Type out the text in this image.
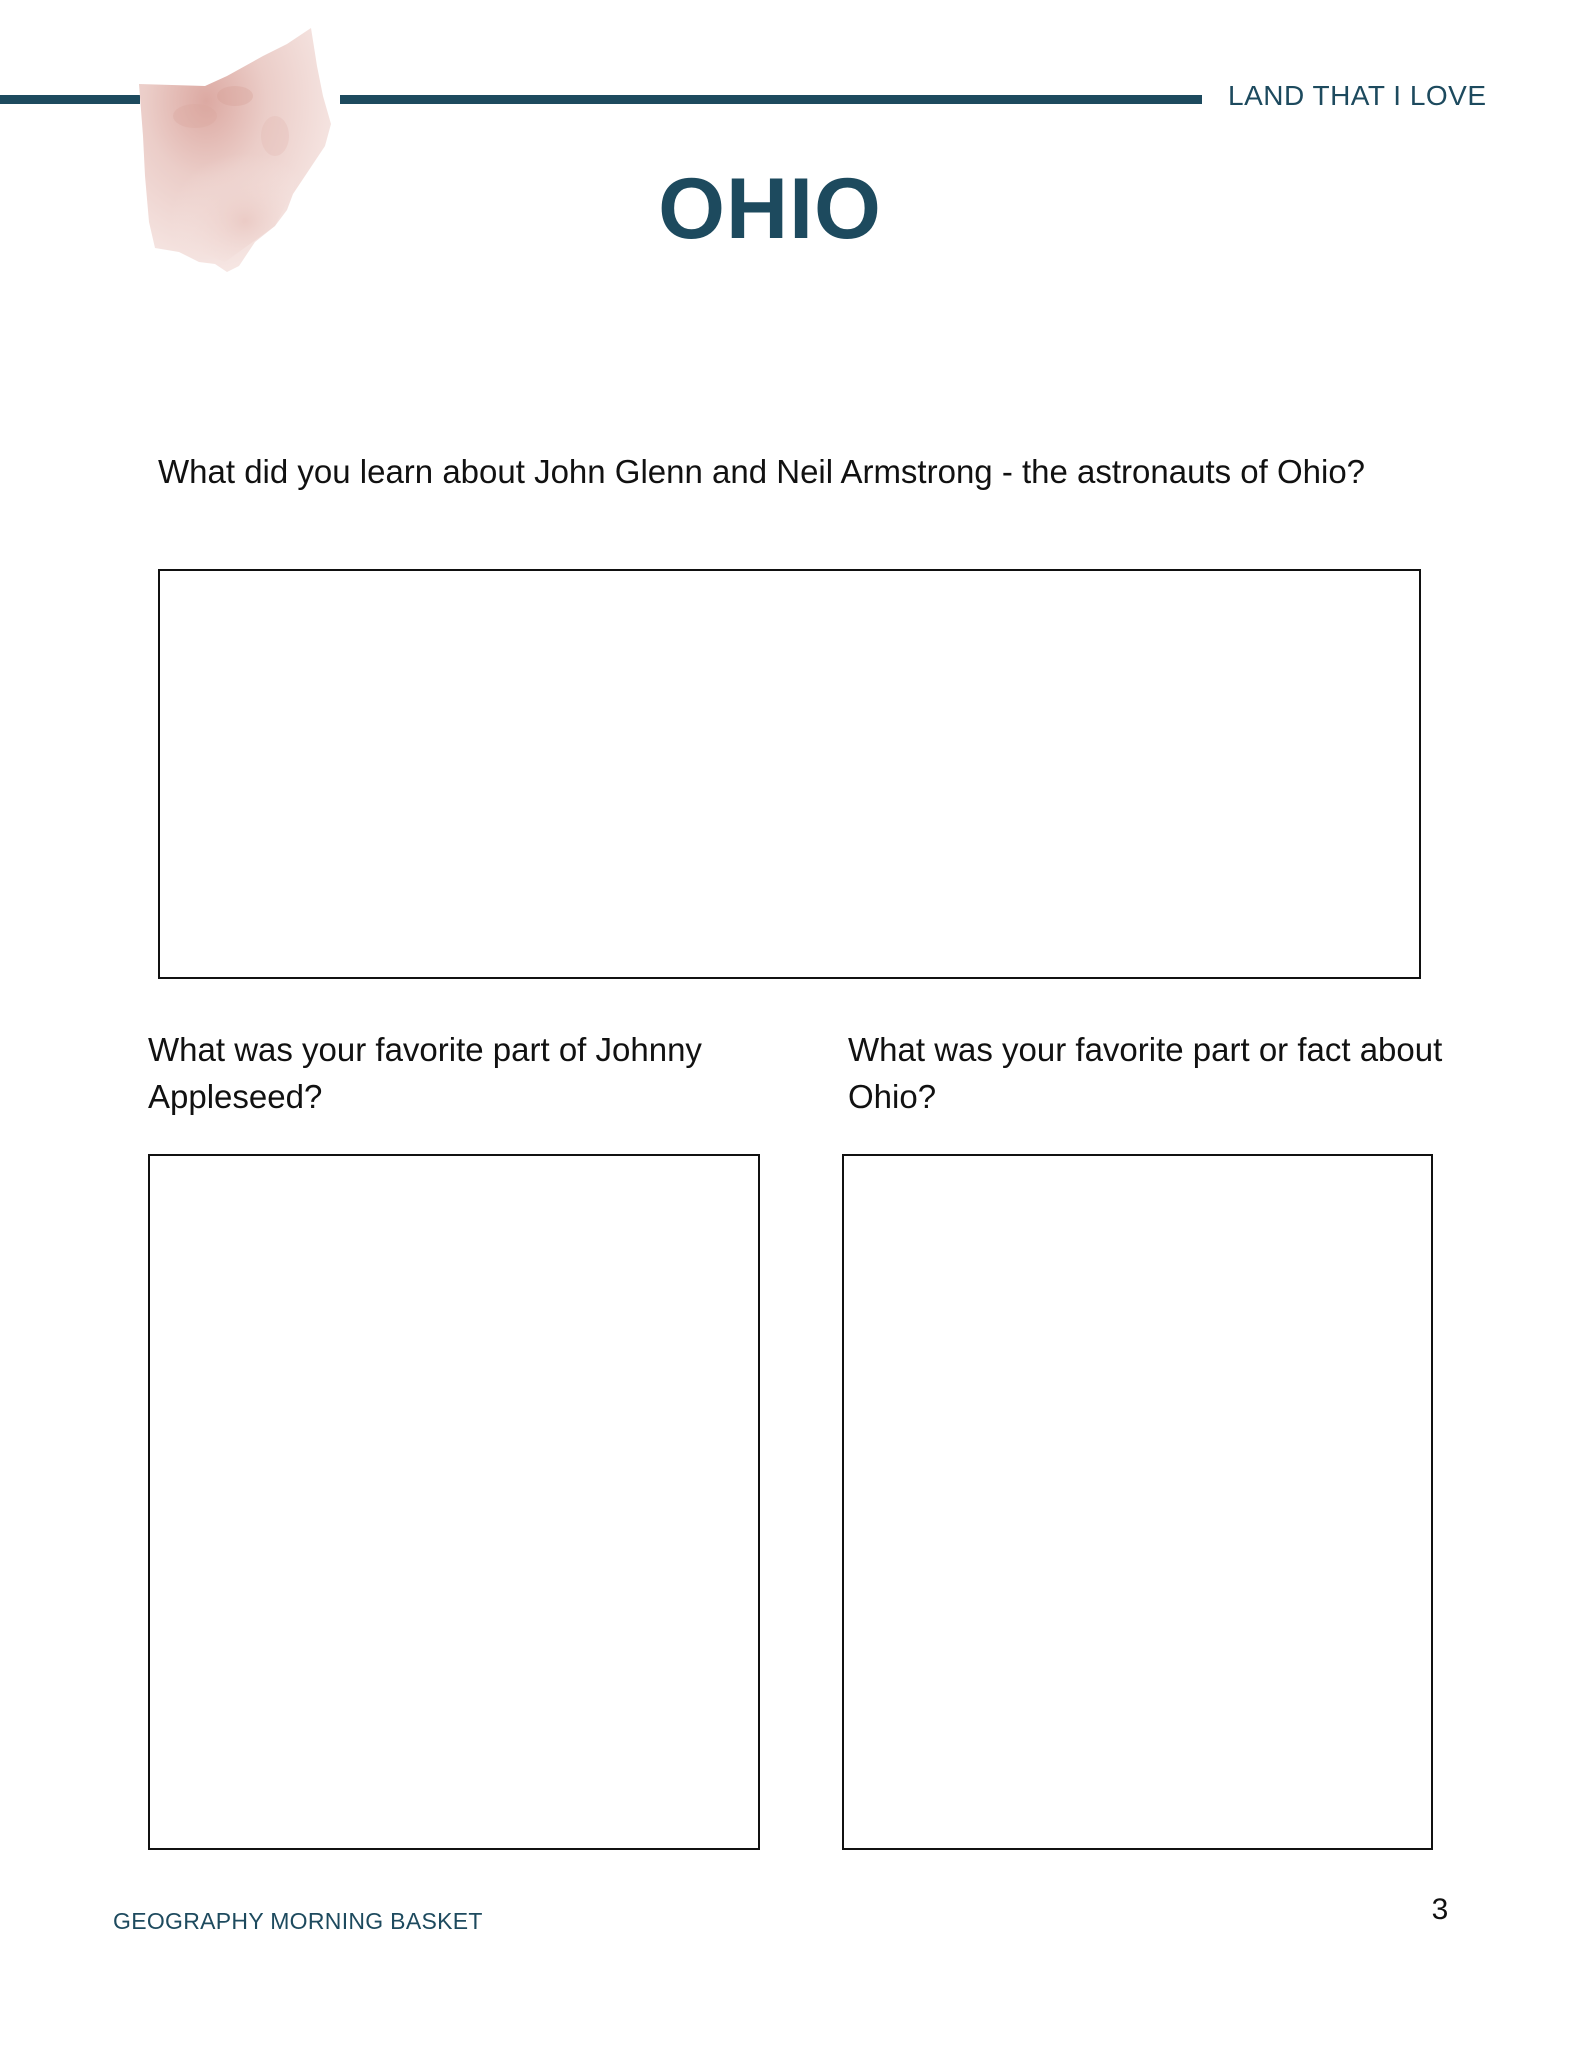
LAND THAT I LOVE
OHIO

What did you learn about John Glenn and Neil Armstrong - the astronauts of Ohio?

What was your favorite part of Johnny Appleseed?

What was your favorite part or fact about Ohio?

GEOGRAPHY MORNING BASKET	3
